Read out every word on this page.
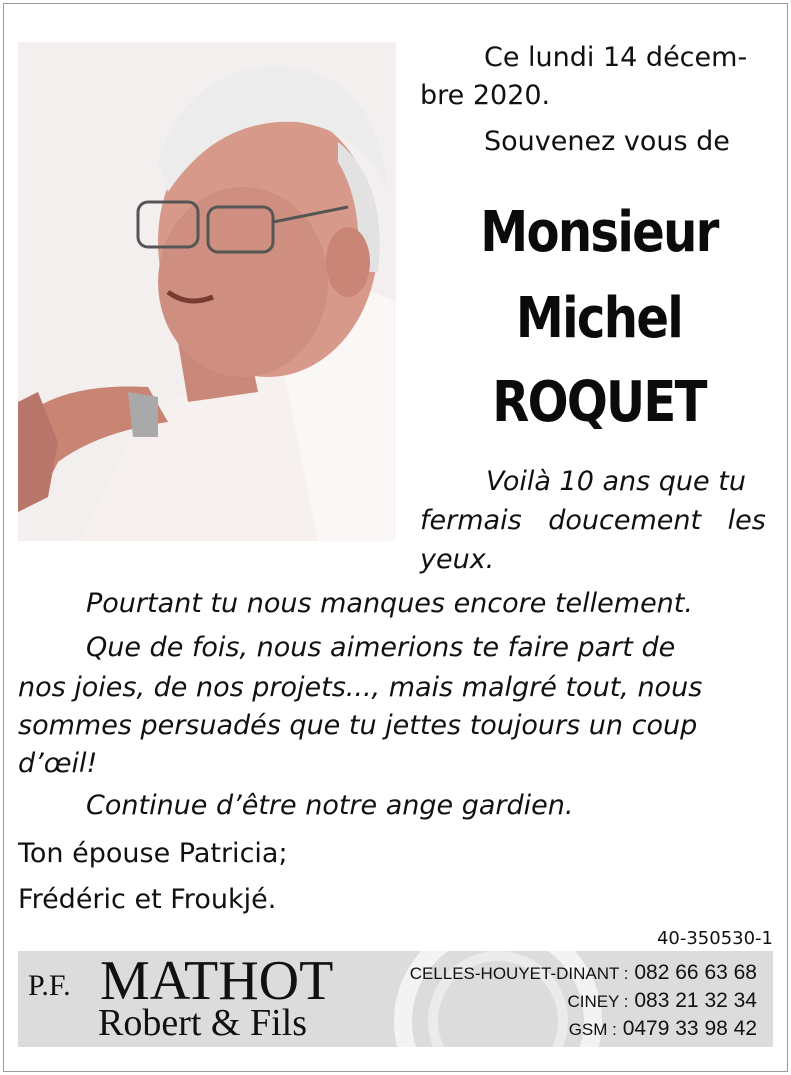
Ce lundi 14 décem-
bre 2020.
Souvenez vous de
Monsieur
Michel
ROQUET
Voilà 10 ans que tu
fermais doucement les
yeux.
Pourtant tu nous manques encore tellement.
Que de fois, nous aimerions te faire part de
nos joies, de nos projets..., mais malgré tout, nous
sommes persuadés que tu jettes toujours un coup
d’œil!
Continue d’être notre ange gardien.
Ton épouse Patricia;
Frédéric et Froukjé.
40-350530-1
P.F. MATHOT
Robert & Fils
CELLES-HOUYET-DINANT : 082 66 63 68
CINEY : 083 21 32 34
GSM : 0479 33 98 42
